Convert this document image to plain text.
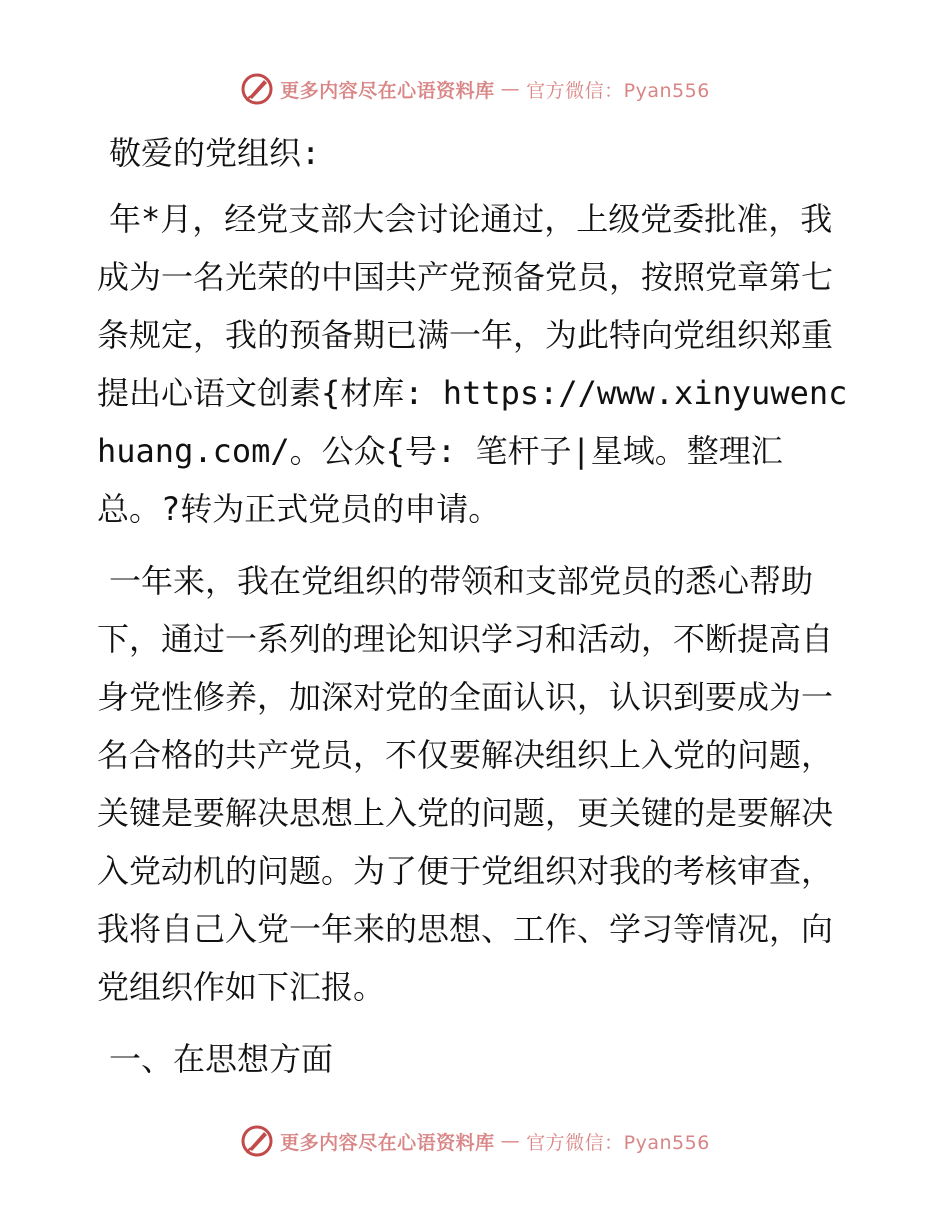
更多内容尽在心语资料库 — 官方微信：Pyan556

敬爱的党组织:

年*月，经党支部大会讨论通过，上级党委批准，我成为一名光荣的中国共产党预备党员，按照党章第七条规定，我的预备期已满一年，为此特向党组织郑重提出心语文创素{材库: https://www.xinyuwenchuang.com/。公众{号: 笔杆子|星域。整理汇总。?转为正式党员的申请。

一年来，我在党组织的带领和支部党员的悉心帮助下，通过一系列的理论知识学习和活动，不断提高自身党性修养，加深对党的全面认识，认识到要成为一名合格的共产党员，不仅要解决组织上入党的问题，关键是要解决思想上入党的问题，更关键的是要解决入党动机的问题。为了便于党组织对我的考核审查，我将自己入党一年来的思想、工作、学习等情况，向党组织作如下汇报。

一、在思想方面

更多内容尽在心语资料库 — 官方微信：Pyan556
